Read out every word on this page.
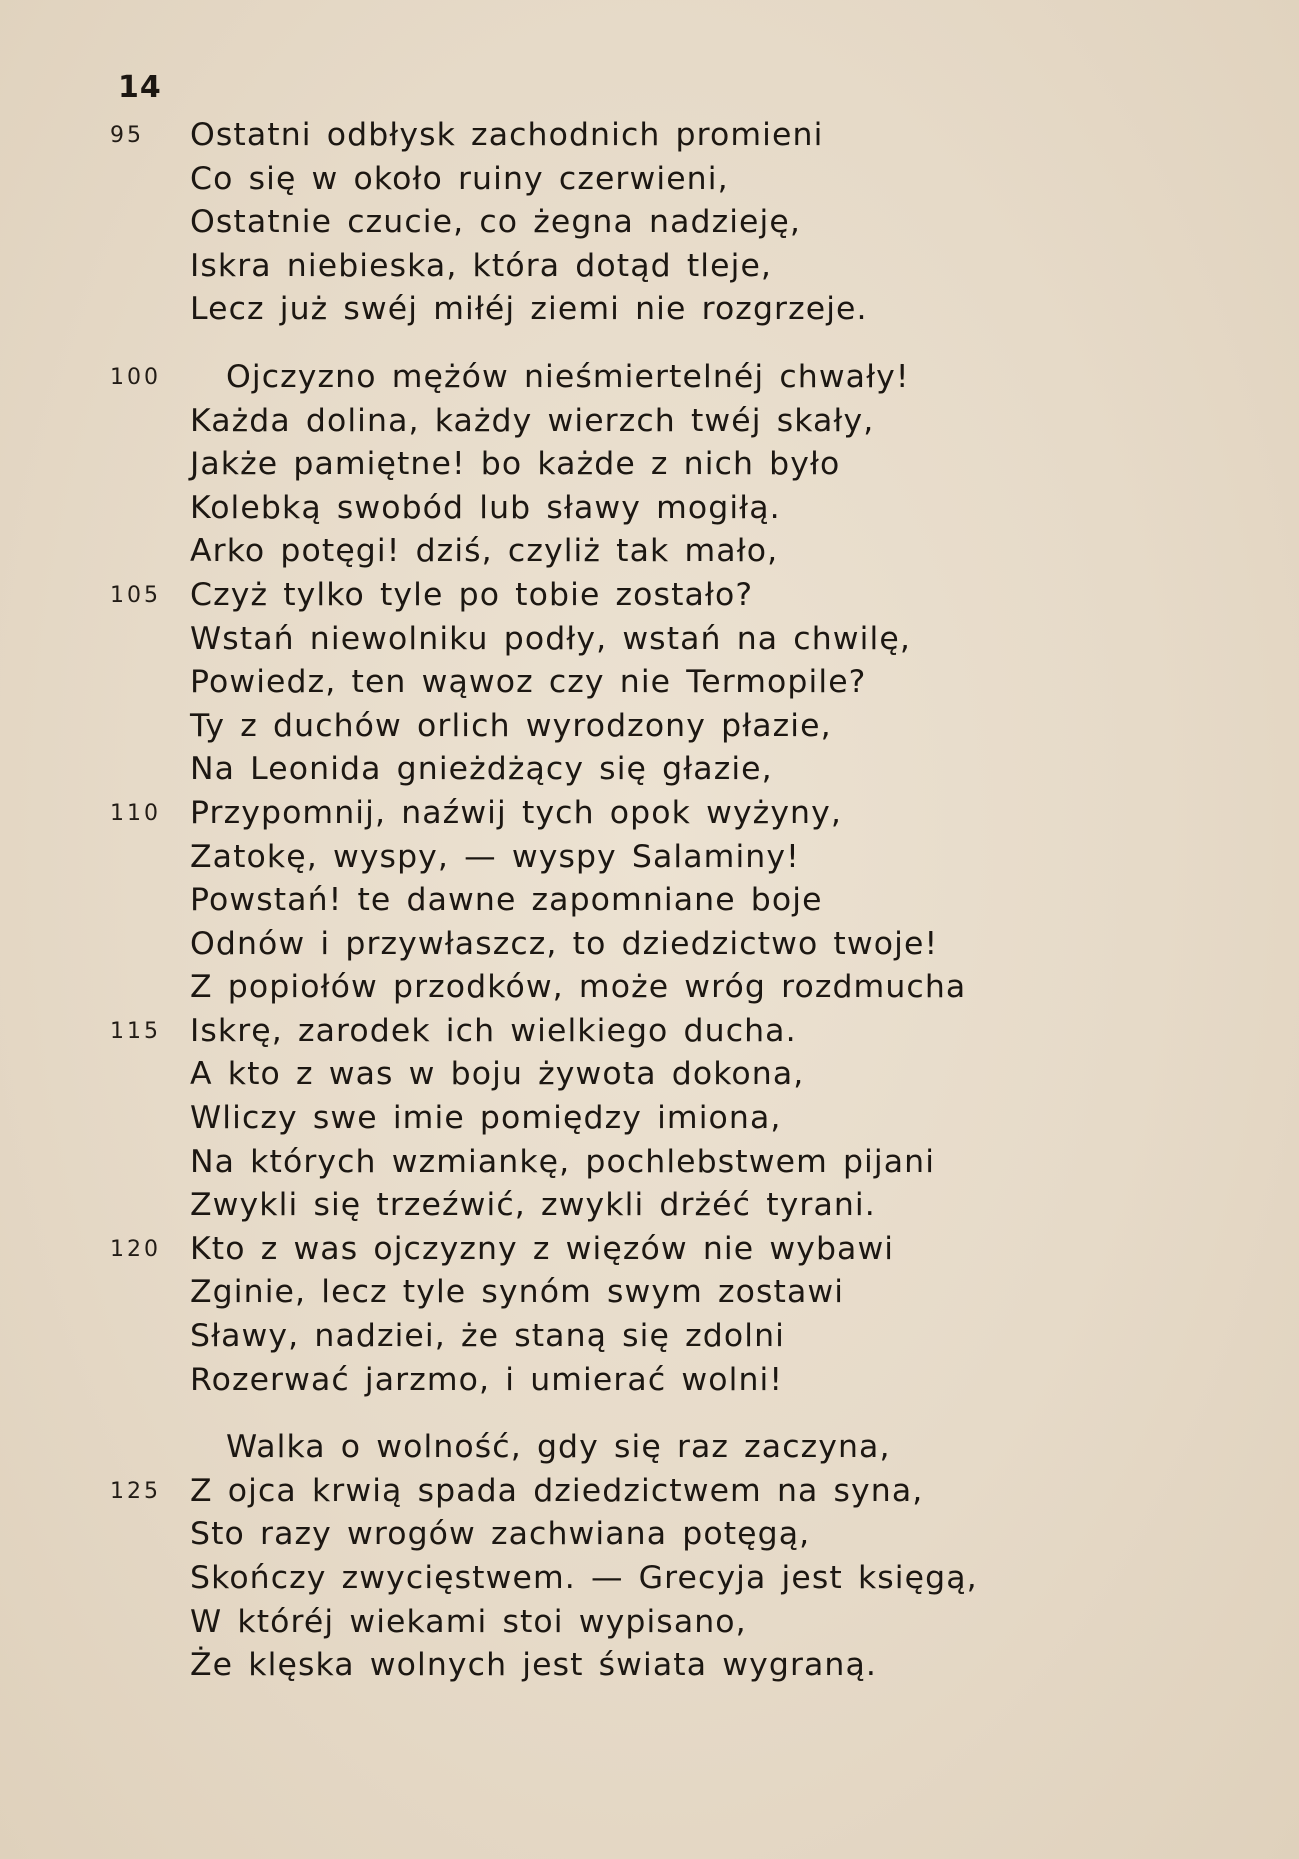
14
95	Ostatni odbłysk zachodnich promieni
Co się w około ruiny czerwieni,
Ostatnie czucie, co żegna nadzieję,
Iskra niebieska, która dotąd tleje,
Lecz już swéj miłéj ziemi nie rozgrzeje.
100	Ojczyzno mężów nieśmiertelnéj chwały!
Każda dolina, każdy wierzch twéj skały,
Jakże pamiętne! bo każde z nich było
Kolebką swobód lub sławy mogiłą.
Arko potęgi! dziś, czyliż tak mało,
105 Czyż tylko tyle po tobie zostało?
Wstań niewolniku podły, wstań na chwilę,
Powiedz, ten wąwoz czy nie Termopile?
Ty z duchów orlich wyrodzony płazie,
Na Leonida gnieżdżący się głazie,
110 Przypomnij, naźwij tych opok wyżyny,
Zatokę, wyspy, — wyspy Salaminy!
Powstań! te dawne zapomniane boje
Odnów i przywłaszcz, to dziedzictwo twoje!
Z popiołów przodków, może wróg rozdmucha
115 Iskrę, zarodek ich wielkiego ducha.
A kto z was w boju żywota dokona,
Wliczy swe imie pomiędzy imiona,
Na których wzmiankę, pochlebstwem pijani
Zwykli się trzeźwić, zwykli drżéć tyrani.
120 Kto z was ojczyzny z więzów nie wybawi
Zginie, lecz tyle synóm swym zostawi
Sławy, nadziei, że staną się zdolni
Rozerwać jarzmo, i umierać wolni!
Walka o wolność, gdy się raz zaczyna,
125 Z ojca krwią spada dziedzictwem na syna,
Sto razy wrogów zachwiana potęgą,
Skończy zwycięstwem. — Grecyja jest księgą,
W któréj wiekami stoi wypisano,
Że klęska wolnych jest świata wygraną.
